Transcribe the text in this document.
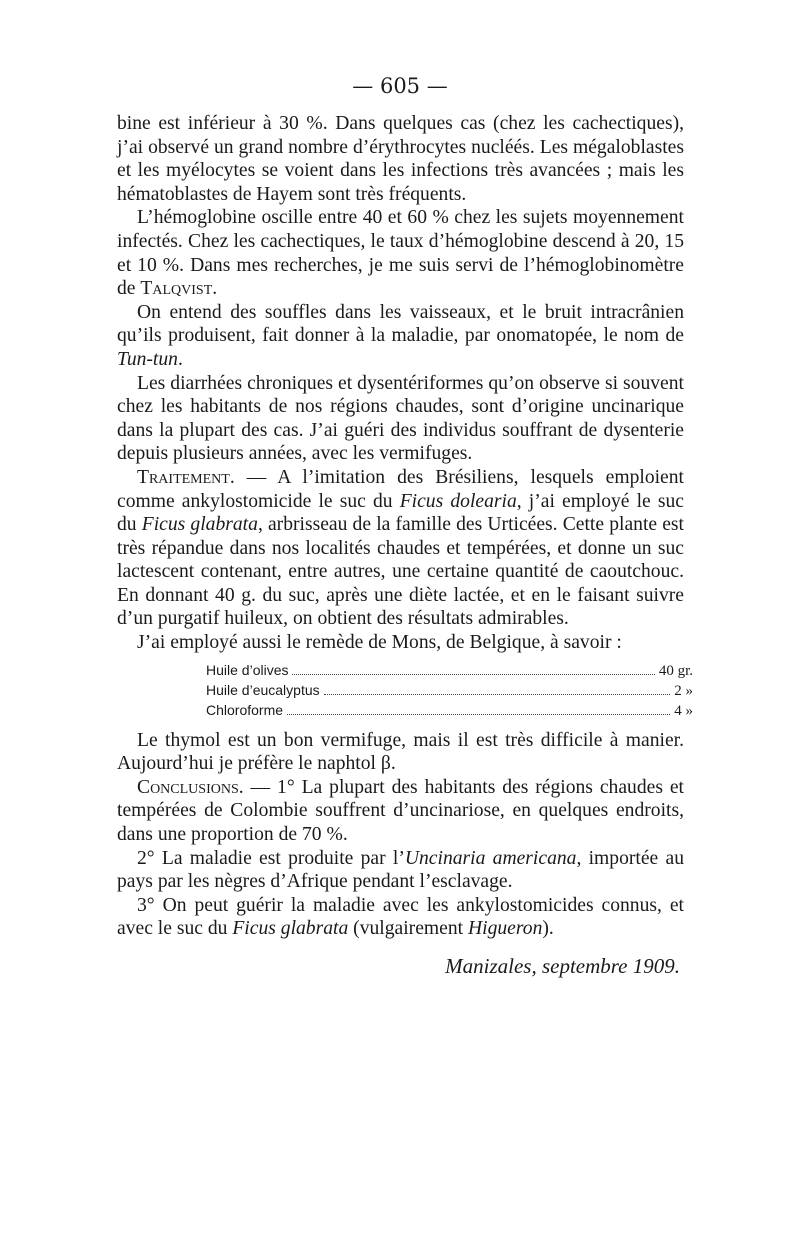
— 605 —

bine est inférieur à 30 %. Dans quelques cas (chez les cachectiques), j’ai observé un grand nombre d’érythrocytes nucléés. Les mégaloblastes et les myélocytes se voient dans les infections très avancées ; mais les hématoblastes de Hayem sont très fréquents.

L’hémoglobine oscille entre 40 et 60 % chez les sujets moyennement infectés. Chez les cachectiques, le taux d’hémoglobine descend à 20, 15 et 10 %. Dans mes recherches, je me suis servi de l’hémoglobinomètre de Talqvist.

On entend des souffles dans les vaisseaux, et le bruit intracrânien qu’ils produisent, fait donner à la maladie, par onomatopée, le nom de Tun-tun.

Les diarrhées chroniques et dysentériformes qu’on observe si souvent chez les habitants de nos régions chaudes, sont d’origine uncinarique dans la plupart des cas. J’ai guéri des individus souffrant de dysenterie depuis plusieurs années, avec les vermifuges.

Traitement. — A l’imitation des Brésiliens, lesquels emploient comme ankylostomicide le suc du Ficus dolearia, j’ai employé le suc du Ficus glabrata, arbrisseau de la famille des Urticées. Cette plante est très répandue dans nos localités chaudes et tempérées, et donne un suc lactescent contenant, entre autres, une certaine quantité de caoutchouc. En donnant 40 g. du suc, après une diète lactée, et en le faisant suivre d’un purgatif huileux, on obtient des résultats admirables.

J’ai employé aussi le remède de Mons, de Belgique, à savoir :

Huile d’olives	40 gr.
Huile d’eucalyptus	2 »
Chloroforme	4 »

Le thymol est un bon vermifuge, mais il est très difficile à manier. Aujourd’hui je préfère le naphtol β.

Conclusions. — 1° La plupart des habitants des régions chaudes et tempérées de Colombie souffrent d’uncinariose, en quelques endroits, dans une proportion de 70 %.

2° La maladie est produite par l’Uncinaria americana, importée au pays par les nègres d’Afrique pendant l’esclavage.

3° On peut guérir la maladie avec les ankylostomicides connus, et avec le suc du Ficus glabrata (vulgairement Higueron).

Manizales, septembre 1909.
